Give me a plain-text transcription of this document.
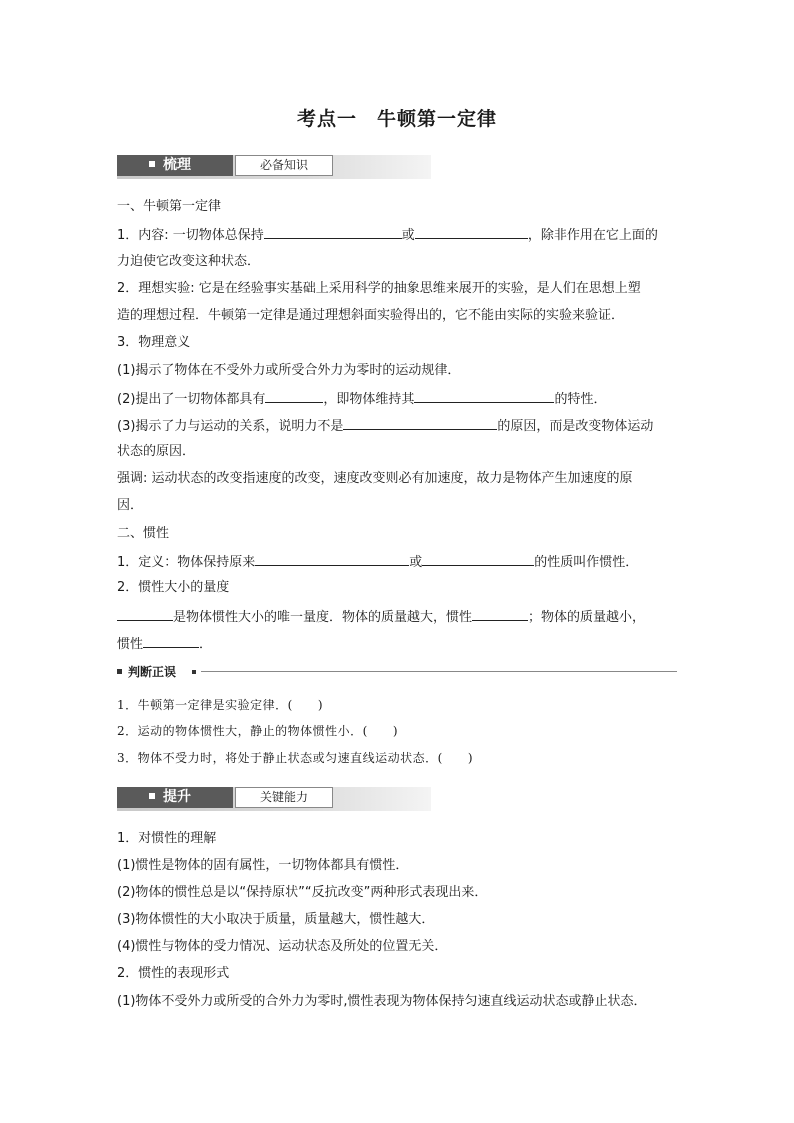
考点一　牛顿第一定律
梳理	必备知识
一、牛顿第一定律
1．内容: 一切物体总保持	或	，除非作用在它上面的
力迫使它改变这种状态．
2．理想实验: 它是在经验事实基础上采用科学的抽象思维来展开的实验，是人们在思想上塑
造的理想过程．牛顿第一定律是通过理想斜面实验得出的，它不能由实际的实验来验证．
3．物理意义
(1)揭示了物体在不受外力或所受合外力为零时的运动规律．
(2)提出了一切物体都具有	，即物体维持其	的特性．
(3)揭示了力与运动的关系，说明力不是	的原因，而是改变物体运动
状态的原因．
强调: 运动状态的改变指速度的改变，速度改变则必有加速度，故力是物体产生加速度的原
因．
二、惯性
1．定义：物体保持原来	或	的性质叫作惯性．
2．惯性大小的量度
是物体惯性大小的唯一量度．物体的质量越大，惯性	；物体的质量越小，
惯性	．
判断正误
1．牛顿第一定律是实验定律．(　　)
2．运动的物体惯性大，静止的物体惯性小．(　　)
3．物体不受力时，将处于静止状态或匀速直线运动状态．(　　)
提升	关键能力
1．对惯性的理解
(1)惯性是物体的固有属性，一切物体都具有惯性．
(2)物体的惯性总是以“保持原状”“反抗改变”两种形式表现出来．
(3)物体惯性的大小取决于质量，质量越大，惯性越大．
(4)惯性与物体的受力情况、运动状态及所处的位置无关．
2．惯性的表现形式
(1)物体不受外力或所受的合外力为零时,惯性表现为物体保持匀速直线运动状态或静止状态．
